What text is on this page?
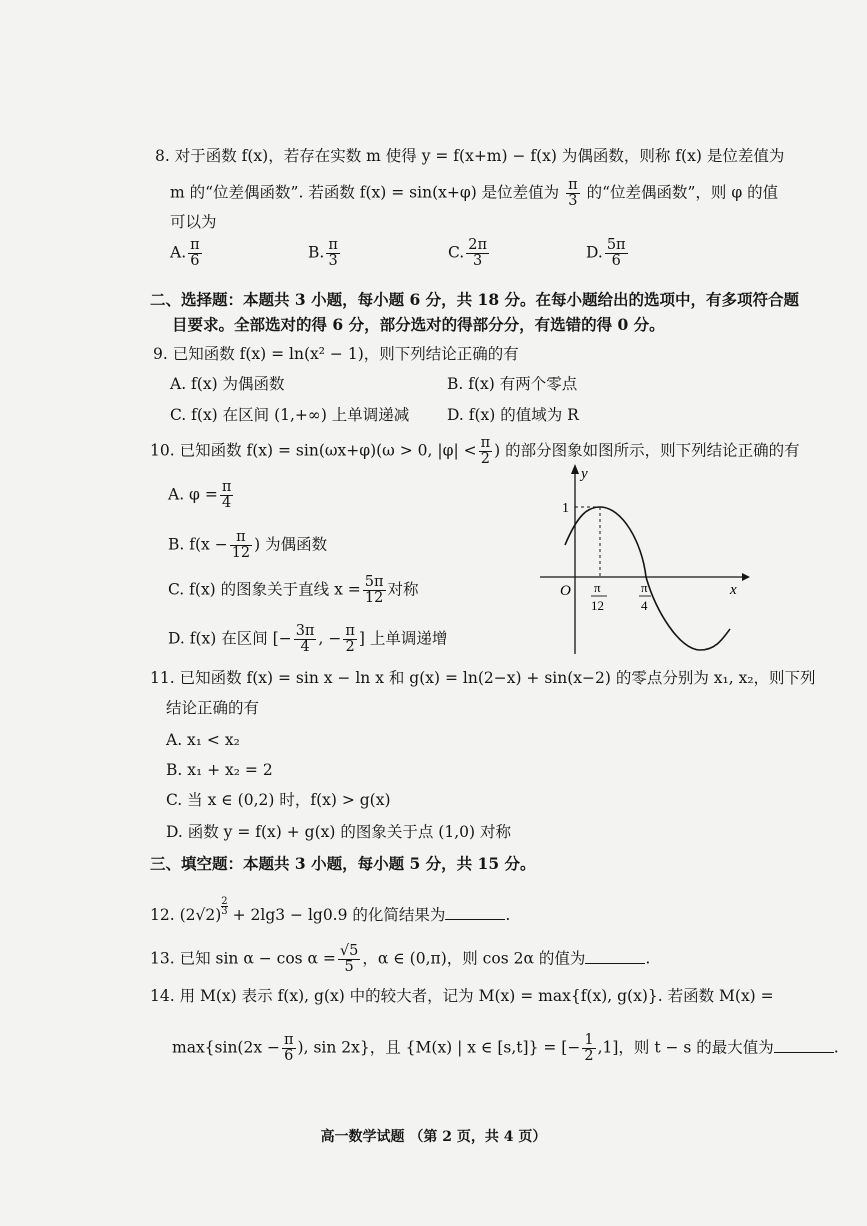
8. 对于函数 f(x)，若存在实数 m 使得 y = f(x+m) − f(x) 为偶函数，则称 f(x) 是位差值为
m 的“位差偶函数”. 若函数 f(x) = sin(x+φ) 是位差值为 $\frac{\pi}{3}$ 的“位差偶函数”，则 φ 的值
可以为
A. $\frac{\pi}{6}$	B. $\frac{\pi}{3}$	C. $\frac{2\pi}{3}$	D. $\frac{5\pi}{6}$
二、选择题：本题共 3 小题，每小题 6 分，共 18 分。在每小题给出的选项中，有多项符合题
目要求。全部选对的得 6 分，部分选对的得部分分，有选错的得 0 分。
9. 已知函数 f(x) = ln(x² − 1)，则下列结论正确的有
A. f(x) 为偶函数	B. f(x) 有两个零点
C. f(x) 在区间 (1,+∞) 上单调递减 D. f(x) 的值域为 R
10. 已知函数 f(x) = sin(ωx+φ)(ω > 0, $|\varphi| < \frac{\pi}{2}$ ) 的部分图象如图所示，则下列结论正确的有
A. $\varphi = \frac{\pi}{4}$
B. $f(x - \frac{\pi}{12}$ ) 为偶函数
C. f(x) 的图象关于直线 $x = \frac{5\pi}{12}$ 对称
D. f(x) 在区间 [− $\frac{3\pi}{4}$ , − $\frac{\pi}{2}$ ] 上单调递增
y
x
O
1
π
12
π
4
11. 已知函数 f(x) = sin x − ln x 和 g(x) = ln(2−x) + sin(x−2) 的零点分别为 x₁, x₂，则下列
结论正确的有
A. x₁ < x₂
B. x₁ + x₂ = 2
C. 当 x ∈ (0,2) 时，f(x) > g(x)
D. 函数 y = f(x) + g(x) 的图象关于点 (1,0) 对称
三、填空题：本题共 3 小题，每小题 5 分，共 15 分。
12. (2√2) $^{\frac{2}{3}}$ + 2lg3 − lg0.9 的化简结果为	.
13. 已知 $\sin \alpha - \cos \alpha = \frac{√5}{5}$ ，α ∈ (0,π)，则 cos 2α 的值为	.
14. 用 M(x) 表示 f(x), g(x) 中的较大者，记为 M(x) = max{f(x), g(x)}. 若函数 M(x) =
$\max\{\sin(2x - \frac{\pi}{6}$ ), sin 2x}，且 {M(x) | x ∈ [s,t]} = [− $\frac{1}{2} ,1$]，则 t − s 的最大值为	.
高一数学试题 （第 2 页，共 4 页）
